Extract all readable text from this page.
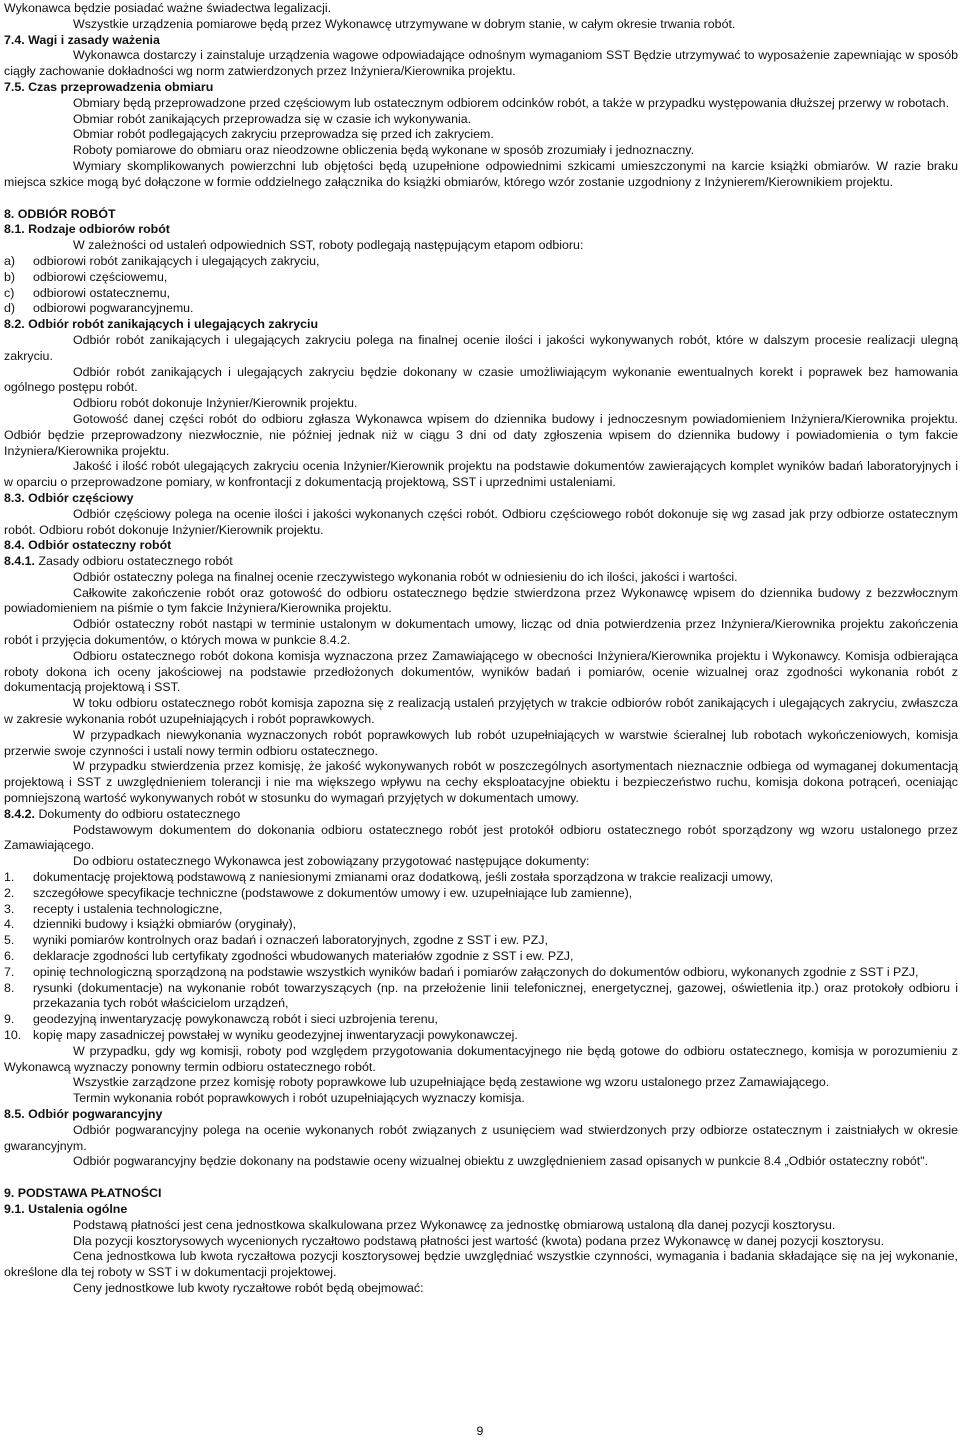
Wykonawca będzie posiadać ważne świadectwa legalizacji.
Wszystkie urządzenia pomiarowe będą przez Wykonawcę utrzymywane w dobrym stanie, w całym okresie trwania robót.
7.4. Wagi i zasady ważenia
Wykonawca dostarczy i zainstaluje urządzenia wagowe odpowiadające odnośnym wymaganiom SST Będzie utrzymywać to wyposażenie zapewniając w sposób ciągły zachowanie dokładności wg norm zatwierdzonych przez Inżyniera/Kierownika projektu.
7.5. Czas przeprowadzenia obmiaru
Obmiary będą przeprowadzone przed częściowym lub ostatecznym odbiorem odcinków robót, a także w przypadku występowania dłuższej przerwy w robotach.
Obmiar robót zanikających przeprowadza się w czasie ich wykonywania.
Obmiar robót podlegających zakryciu przeprowadza się przed ich zakryciem.
Roboty pomiarowe do obmiaru oraz nieodzowne obliczenia będą wykonane w sposób zrozumiały i jednoznaczny.
Wymiary skomplikowanych powierzchni lub objętości będą uzupełnione odpowiednimi szkicami umieszczonymi na karcie książki obmiarów. W razie braku miejsca szkice mogą być dołączone w formie oddzielnego załącznika do książki obmiarów, którego wzór zostanie uzgodniony z Inżynierem/Kierownikiem projektu.
8. ODBIÓR ROBÓT
8.1. Rodzaje odbiorów robót
W zależności od ustaleń odpowiednich SST, roboty podlegają następującym etapom odbioru:
a)	odbiorowi robót zanikających i ulegających zakryciu,
b)	odbiorowi częściowemu,
c)	odbiorowi ostatecznemu,
d)	odbiorowi pogwarancyjnemu.
8.2. Odbiór robót zanikających i ulegających zakryciu
Odbiór robót zanikających i ulegających zakryciu polega na finalnej ocenie ilości i jakości wykonywanych robót, które w dalszym procesie realizacji ulegną zakryciu.
Odbiór robót zanikających i ulegających zakryciu będzie dokonany w czasie umożliwiającym wykonanie ewentualnych korekt i poprawek bez hamowania ogólnego postępu robót.
Odbioru robót dokonuje Inżynier/Kierownik projektu.
Gotowość danej części robót do odbioru zgłasza Wykonawca wpisem do dziennika budowy i jednoczesnym powiadomieniem Inżyniera/Kierownika projektu. Odbiór będzie przeprowadzony niezwłocznie, nie później jednak niż w ciągu 3 dni od daty zgłoszenia wpisem do dziennika budowy i powiadomienia o tym fakcie Inżyniera/Kierownika projektu.
Jakość i ilość robót ulegających zakryciu ocenia Inżynier/Kierownik projektu na podstawie dokumentów zawierających komplet wyników badań laboratoryjnych i w oparciu o przeprowadzone pomiary, w konfrontacji z dokumentacją projektową, SST i uprzednimi ustaleniami.
8.3. Odbiór częściowy
Odbiór częściowy polega na ocenie ilości i jakości wykonanych części robót. Odbioru częściowego robót dokonuje się wg zasad jak przy odbiorze ostatecznym robót. Odbioru robót dokonuje Inżynier/Kierownik projektu.
8.4. Odbiór ostateczny robót
8.4.1. Zasady odbioru ostatecznego robót
Odbiór ostateczny polega na finalnej ocenie rzeczywistego wykonania robót w odniesieniu do ich ilości, jakości i wartości.
Całkowite zakończenie robót oraz gotowość do odbioru ostatecznego będzie stwierdzona przez Wykonawcę wpisem do dziennika budowy z bezzwłocznym powiadomieniem na piśmie o tym fakcie Inżyniera/Kierownika projektu.
Odbiór ostateczny robót nastąpi w terminie ustalonym w dokumentach umowy, licząc od dnia potwierdzenia przez Inżyniera/Kierownika projektu zakończenia robót i przyjęcia dokumentów, o których mowa w punkcie 8.4.2.
Odbioru ostatecznego robót dokona komisja wyznaczona przez Zamawiającego w obecności Inżyniera/Kierownika projektu i Wykonawcy. Komisja odbierająca roboty dokona ich oceny jakościowej na podstawie przedłożonych dokumentów, wyników badań i pomiarów, ocenie wizualnej oraz zgodności wykonania robót z dokumentacją projektową i SST.
W toku odbioru ostatecznego robót komisja zapozna się z realizacją ustaleń przyjętych w trakcie odbiorów robót zanikających i ulegających zakryciu, zwłaszcza w zakresie wykonania robót uzupełniających i robót poprawkowych.
W przypadkach niewykonania wyznaczonych robót poprawkowych lub robót uzupełniających w warstwie ścieralnej lub robotach wykończeniowych, komisja przerwie swoje czynności i ustali nowy termin odbioru ostatecznego.
W przypadku stwierdzenia przez komisję, że jakość wykonywanych robót w poszczególnych asortymentach nieznacznie odbiega od wymaganej dokumentacją projektową i SST z uwzględnieniem tolerancji i nie ma większego wpływu na cechy eksploatacyjne obiektu i bezpieczeństwo ruchu, komisja dokona potrąceń, oceniając pomniejszoną wartość wykonywanych robót w stosunku do wymagań przyjętych w dokumentach umowy.
8.4.2. Dokumenty do odbioru ostatecznego
Podstawowym dokumentem do dokonania odbioru ostatecznego robót jest protokół odbioru ostatecznego robót sporządzony wg wzoru ustalonego przez Zamawiającego.
Do odbioru ostatecznego Wykonawca jest zobowiązany przygotować następujące dokumenty:
1.	dokumentację projektową podstawową z naniesionymi zmianami oraz dodatkową, jeśli została sporządzona w trakcie realizacji umowy,
2.	szczegółowe specyfikacje techniczne (podstawowe z dokumentów umowy i ew. uzupełniające lub zamienne),
3.	recepty i ustalenia technologiczne,
4.	dzienniki budowy i książki obmiarów (oryginały),
5.	wyniki pomiarów kontrolnych oraz badań i oznaczeń laboratoryjnych, zgodne z SST i ew. PZJ,
6.	deklaracje zgodności lub certyfikaty zgodności wbudowanych materiałów zgodnie z SST i ew. PZJ,
7.	opinię technologiczną sporządzoną na podstawie wszystkich wyników badań i pomiarów załączonych do dokumentów odbioru, wykonanych zgodnie z SST i PZJ,
8.	rysunki (dokumentacje) na wykonanie robót towarzyszących (np. na przełożenie linii telefonicznej, energetycznej, gazowej, oświetlenia itp.) oraz protokoły odbioru i przekazania tych robót właścicielom urządzeń,
9.	geodezyjną inwentaryzację powykonawczą robót i sieci uzbrojenia terenu,
10. kopię mapy zasadniczej powstałej w wyniku geodezyjnej inwentaryzacji powykonawczej.
W przypadku, gdy wg komisji, roboty pod względem przygotowania dokumentacyjnego nie będą gotowe do odbioru ostatecznego, komisja w porozumieniu z Wykonawcą wyznaczy ponowny termin odbioru ostatecznego robót.
Wszystkie zarządzone przez komisję roboty poprawkowe lub uzupełniające będą zestawione wg wzoru ustalonego przez Zamawiającego.
Termin wykonania robót poprawkowych i robót uzupełniających wyznaczy komisja.
8.5. Odbiór pogwarancyjny
Odbiór pogwarancyjny polega na ocenie wykonanych robót związanych z usunięciem wad stwierdzonych przy odbiorze ostatecznym i zaistniałych w okresie gwarancyjnym.
Odbiór pogwarancyjny będzie dokonany na podstawie oceny wizualnej obiektu z uwzględnieniem zasad opisanych w punkcie 8.4 „Odbiór ostateczny robót".
9. PODSTAWA PŁATNOŚCI
9.1. Ustalenia ogólne
Podstawą płatności jest cena jednostkowa skalkulowana przez Wykonawcę za jednostkę obmiarową ustaloną dla danej pozycji kosztorysu.
Dla pozycji kosztorysowych wycenionych ryczałtowo podstawą płatności jest wartość (kwota) podana przez Wykonawcę w danej pozycji kosztorysu.
Cena jednostkowa lub kwota ryczałtowa pozycji kosztorysowej będzie uwzględniać wszystkie czynności, wymagania i badania składające się na jej wykonanie, określone dla tej roboty w SST i w dokumentacji projektowej.
Ceny jednostkowe lub kwoty ryczałtowe robót będą obejmować:
9
